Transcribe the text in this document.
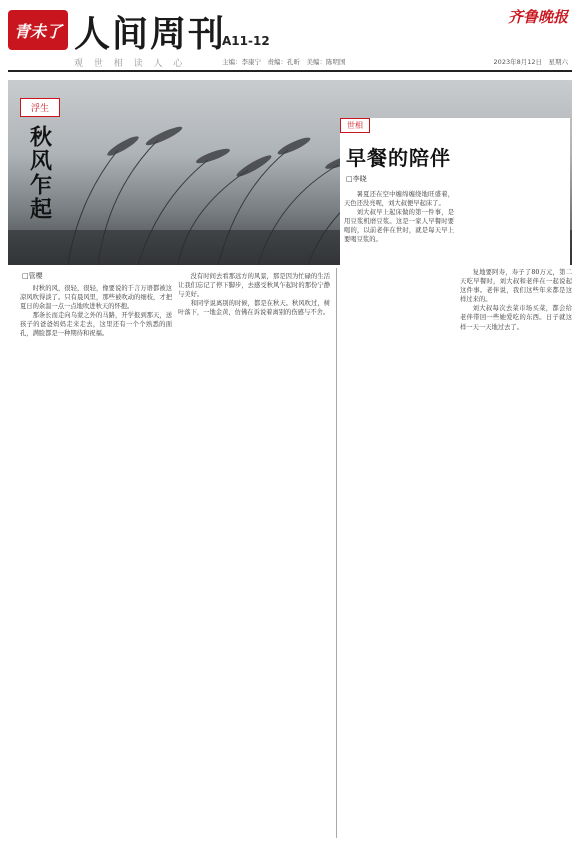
青未了 人间周刊
A11-12
齐鲁晚报
观 世 相 读 人 心	主编：李康宁　责编：孔昕　美编：陈明国	2023年8月12日　星期六
浮生
秋风乍起
□管樱

时秋的风，很轻，很轻，像要说的千言万语都被这凉风吹得淡了。只有晨风里，那些被吹动的细枝，才把夏日的余温一点一点地吹进秋天的怀抱。

那条长而走向乌蒙之外的马路，开学报到那天，送孩子的爸爸妈妈走来走去，这里还有一个个熟悉的面孔，满脸都是一种期待和祝福。

没有时间去看那远方的风景，那是因为忙碌的生活让我们忘记了停下脚步，去感受秋风乍起时的那份宁静与美好。

和同学说离别的时候，都是在秋天。秋风吹过，树叶落下，一地金黄，仿佛在诉说着离别的伤感与不舍。

世相
早餐的陪伴
□李晓

暑夏还在空中缠绵缠绕地旺盛着，天色还没亮呢，刘大叔便早起床了。

刘大叔早上起床做的第一件事，是用豆浆机磨豆浆。这是一家人早餐时要喝的，以前老伴在世时，就是每天早上要喝豆浆的。

复地要阿寿，寿子了80万元，第二天吃早餐时，刘大叔和老伴在一起说起这件事。老伴说，我们这些年来都是这样过来的。

刘大叔每次去菜市场买菜，都会给老伴带回一些她爱吃的东西。日子就这样一天一天地过去了。
